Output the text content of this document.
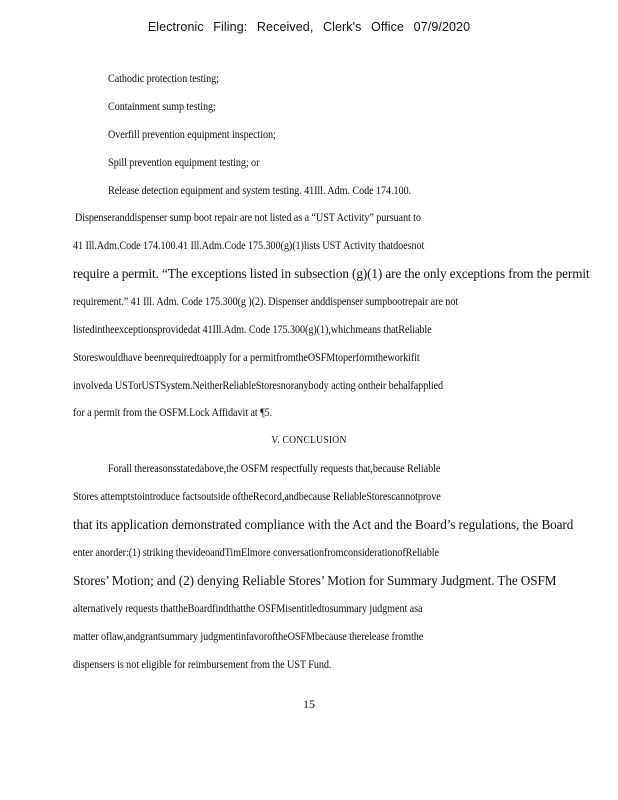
Electronic Filing: Received, Clerk's Office 07/9/2020
Cathodic protection testing;
Containment sump testing;
Overfill prevention equipment inspection;
Spill prevention equipment testing; or
Release detection equipment and system testing. 41Ill. Adm. Code 174.100.
Dispenseranddispenser sump boot repair are not listed as a “UST Activity” pursuant to
41 Ill.Adm.Code 174.100.41 Ill.Adm.Code 175.300(g)(1)lists UST Activity thatdoesnot
require a permit. “The exceptions listed in subsection (g)(1) are the only exceptions from the permit
requirement.” 41 Ill. Adm. Code 175.300(g )(2). Dispenser anddispenser sumpbootrepair are not
listedintheexceptionsprovidedat 41Ill.Adm. Code 175.300(g)(1),whichmeans thatReliable
Storeswouldhave beenrequiredtoapply for a permitfromtheOSFMtoperformtheworkifit
involveda USTorUSTSystem.NeitherReliableStoresnoranybody acting ontheir behalfapplied
for a permit from the OSFM.Lock Affidavit at ¶5.
V. CONCLUSION
Forall thereasonsstatedabove,the OSFM respectfully requests that,because Reliable
Stores attemptstointroduce factsoutside oftheRecord,andbecause ReliableStorescannotprove
that its application demonstrated compliance with the Act and the Board’s regulations, the Board
enter anorder:(1) striking thevideoandTimElmore conversationfromconsiderationofReliable
Stores’ Motion; and (2) denying Reliable Stores’ Motion for Summary Judgment. The OSFM
alternatively requests thattheBoardfindthatthe OSFMisentitledtosummary judgment asa
matter oflaw,andgrantsummary judgmentinfavoroftheOSFMbecause therelease fromthe
dispensers is not eligible for reimbursement from the UST Fund.
15
